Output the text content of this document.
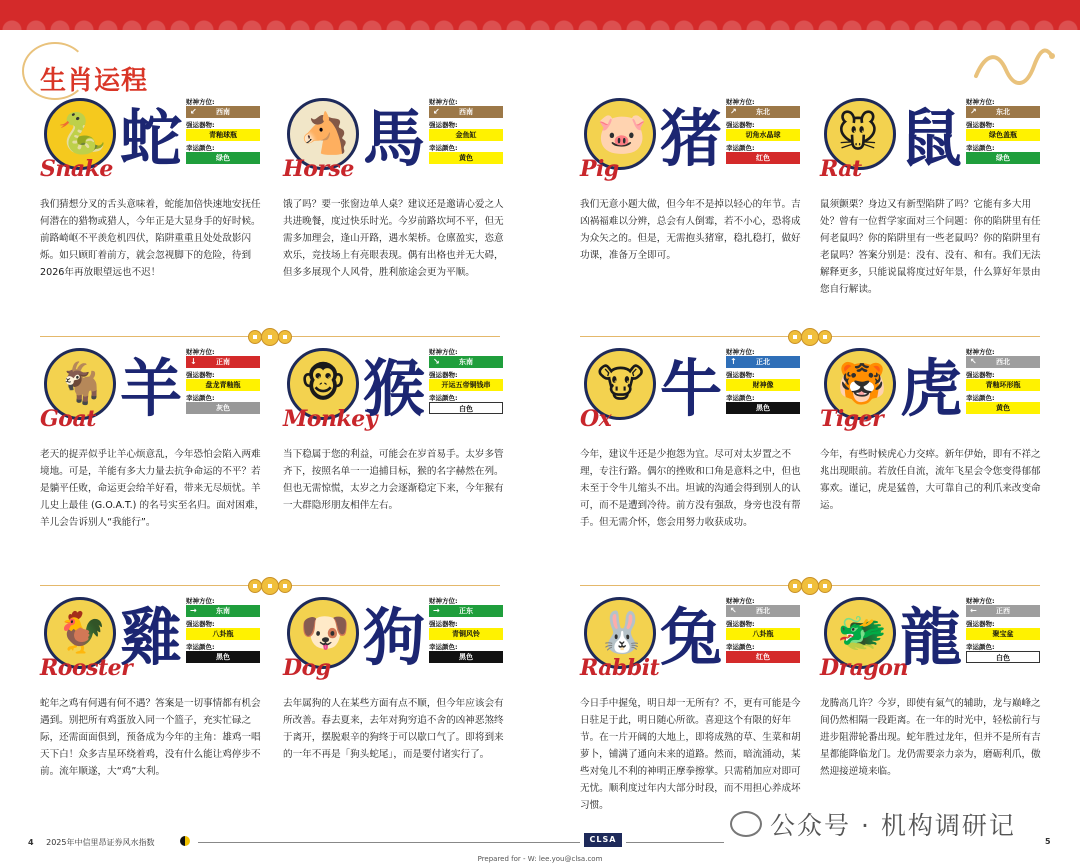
生肖运程
🐍
Snake 蛇 财神方位:
↙	西南
强运器物:
青釉球瓶
幸运颜色:
绿色

我们猜想分叉的舌头意味着，蛇能加倍快速地安抚任何潜在的猎物或猎人，今年正是大显身手的好时候。前路崎岖不平羡危机四伏，陷阱重重且处处敌影闪烁。如只顾盯着前方，就会忽视脚下的危险，待到2026年再放眼望远也不迟！

🐴
Horse 馬 财神方位:
↙	西南
强运器物:
金鱼缸
幸运颜色:
黄色

饿了吗？要一张窗边单人桌？建议还是邀请心爱之人共进晚餐，度过快乐时光。今岁前路坎坷不平，但无需多加理会，逢山开路，遇水架桥。仓廪盈实，恣意欢乐，竞技场上有亮眼表现。偶有出格也并无大碍，但多多展现个人风骨，胜利旅途会更为平顺。

🐷
Pig 猪 财神方位:
↗	东北
强运器物:
切角水晶球
幸运颜色:
红色

我们无意小题大做，但今年不是掉以轻心的年节。吉凶祸福难以分辨，总会有人倒霉，若不小心，恐将成为众矢之的。但是，无需抱头猪窜，稳扎稳打，做好功课，准备万全即可。

🐭
Rat 鼠 财神方位:
↗	东北
强运器物:
绿色盖瓶
幸运颜色:
绿色

鼠须颤栗？身边又有新型陷阱了吗？它能有多大用处？曾有一位哲学家面对三个问题：你的陷阱里有任何老鼠吗？你的陷阱里有一些老鼠吗？你的陷阱里有老鼠吗？答案分别是：没有、没有、和有。我们无法解释更多，只能说鼠将度过好年景，什么算好年景由您自行解读。

🐐
Goat 羊 财神方位:
↓	正南
强运器物:
盘龙青釉瓶
幸运颜色:
灰色

老天的捉弄似乎让羊心烦意乱，今年恐怕会陷入两难境地。可是，羊能有多大力量去抗争命运的不平？若是躺平任败，命运更会给羊好看，带来无尽烦忧。羊儿史上最佳 (G.O.A.T.) 的名号实至名归。面对困难，羊儿会告诉别人“我能行”。

🐵
Monkey
猴 财神方位:
↘	东南
强运器物:
开运五帝铜钱串
幸运颜色:
白色

当下稳属于您的利益，可能会在岁首易手。太岁多管齐下，按照名单一一追捕目标，猴的名字赫然在列。但也无需惊慌，太岁之力会逐渐稳定下来，今年猴有一大群隐形朋友相伴左右。

🐮
Ox 牛 财神方位:
↑	正北
强运器物:
财神像
幸运颜色:
黑色

今年，建议牛还是少抱怨为宜。尽可对太岁置之不理，专注行路。偶尔的挫败和口角是意料之中，但也未至于令牛儿缩头不出。坦诚的沟通会得到别人的认可，而不是遭到冷待。前方没有强敌，身旁也没有帮手。但无需介怀，您会用努力收获成功。

🐯
Tiger 虎 财神方位:
↖	西北
强运器物:
青釉环形瓶
幸运颜色:
黄色

今年，有些时候虎心力交瘁。新年伊始，即有不祥之兆出现眼前。若放任自流，流年飞星会令您变得郁郁寡欢。谨记，虎是猛兽，大可靠自己的利爪来改变命运。

🐓
Rooster
雞 财神方位:
→	东南
强运器物:
八卦瓶
幸运颜色:
黑色

蛇年之鸡有何遇有何不遇？答案是一切事情都有机会遇到。别把所有鸡蛋放入同一个篮子，充实忙碌之际，还需面面俱到，预备成为今年的主角：雄鸡一唱天下白！众多吉星环绕着鸡，没有什么能让鸡停步不前。流年顺遂，大“鸡”大利。

🐶
Dog 狗 财神方位:
→	正东
强运器物:
青铜风铃
幸运颜色:
黑色

去年属狗的人在某些方面有点不顺，但今年应该会有所改善。春去夏来，去年对狗穷追不舍的凶神恶煞终于离开，摆脱艰辛的狗终于可以歇口气了。即将到来的一年不再是「狗头蛇尾」，而是要付诸实行了。

🐰
Rabbit 兔 财神方位:
↖	西北
强运器物:
八卦瓶
幸运颜色:
红色

今日手中握兔，明日却一无所有？不，更有可能是今日驻足于此，明日随心所欲。喜迎这个有限的好年节。在一片开阔的大地上，即将成熟的草、生菜和胡萝卜，铺满了通向未来的道路。然而，暗流涌动，某些对兔儿不利的神明正摩拳擦掌。只需稍加应对即可无忧。顺利度过年内大部分时段，而不用担心养成坏习惯。

🐲
Dragon
龍 财神方位:
←	正西
强运器物:
聚宝盆
幸运颜色:
白色

龙腾高几许？今岁，即使有氣气的辅助，龙与巅峰之间仍然相隔一段距离。在一年的时光中，轻松前行与进步阻滞轮番出现。蛇年胜过龙年，但并不是所有吉星都能降临龙门。龙仍需要亲力亲为，磨砺利爪，傲然迎接逆境来临。

4 2025年中信里昂证券风水指数	CLSA	5
Prepared for - W: lee.you@clsa.com
公众号 · 机构调研记
